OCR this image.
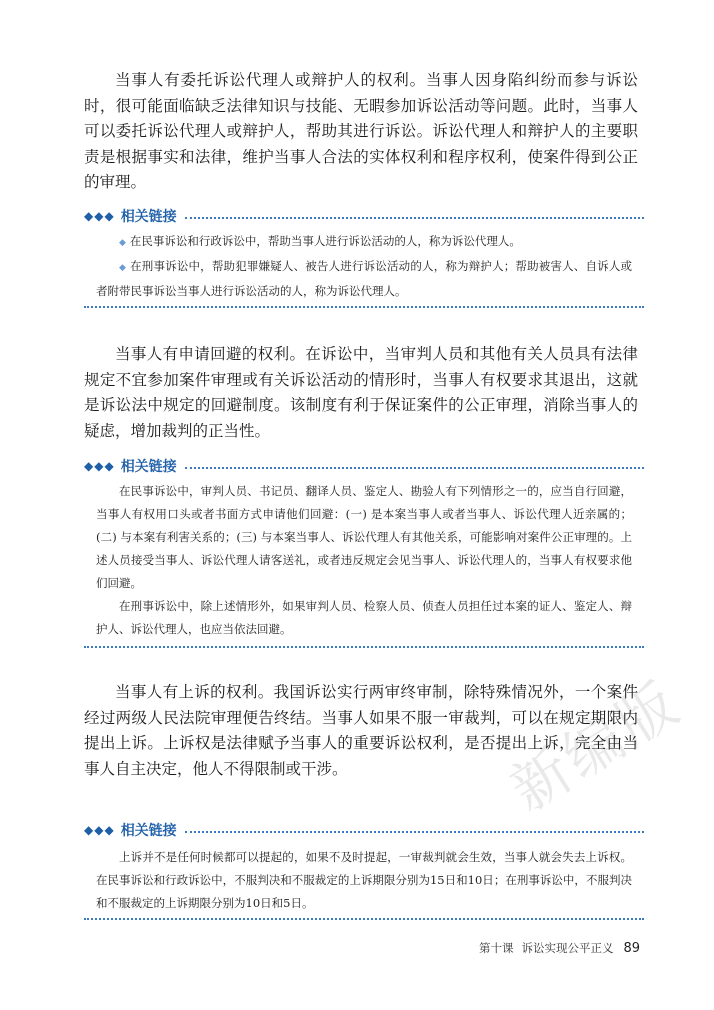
新编版

当事人有委托诉讼代理人或辩护人的权利。当事人因身陷纠纷而参与诉讼时，很可能面临缺乏法律知识与技能、无暇参加诉讼活动等问题。此时，当事人可以委托诉讼代理人或辩护人，帮助其进行诉讼。诉讼代理人和辩护人的主要职责是根据事实和法律，维护当事人合法的实体权利和程序权利，使案件得到公正的审理。

◆◆◆ 相关链接

◆ 在民事诉讼和行政诉讼中，帮助当事人进行诉讼活动的人，称为诉讼代理人。

◆ 在刑事诉讼中，帮助犯罪嫌疑人、被告人进行诉讼活动的人，称为辩护人；帮助被害人、自诉人或者附带民事诉讼当事人进行诉讼活动的人，称为诉讼代理人。

当事人有申请回避的权利。在诉讼中，当审判人员和其他有关人员具有法律规定不宜参加案件审理或有关诉讼活动的情形时，当事人有权要求其退出，这就是诉讼法中规定的回避制度。该制度有利于保证案件的公正审理，消除当事人的疑虑，增加裁判的正当性。

◆◆◆ 相关链接

在民事诉讼中，审判人员、书记员、翻译人员、鉴定人、勘验人有下列情形之一的，应当自行回避，当事人有权用口头或者书面方式申请他们回避：(一) 是本案当事人或者当事人、诉讼代理人近亲属的；(二) 与本案有利害关系的；(三) 与本案当事人、诉讼代理人有其他关系，可能影响对案件公正审理的。上述人员接受当事人、诉讼代理人请客送礼，或者违反规定会见当事人、诉讼代理人的，当事人有权要求他们回避。

在刑事诉讼中，除上述情形外，如果审判人员、检察人员、侦查人员担任过本案的证人、鉴定人、辩护人、诉讼代理人，也应当依法回避。

当事人有上诉的权利。我国诉讼实行两审终审制，除特殊情况外，一个案件经过两级人民法院审理便告终结。当事人如果不服一审裁判，可以在规定期限内提出上诉。上诉权是法律赋予当事人的重要诉讼权利，是否提出上诉，完全由当事人自主决定，他人不得限制或干涉。

◆◆◆ 相关链接

上诉并不是任何时候都可以提起的，如果不及时提起，一审裁判就会生效，当事人就会失去上诉权。在民事诉讼和行政诉讼中，不服判决和不服裁定的上诉期限分别为15日和10日；在刑事诉讼中，不服判决和不服裁定的上诉期限分别为10日和5日。

第十课 诉讼实现公平正义 89
